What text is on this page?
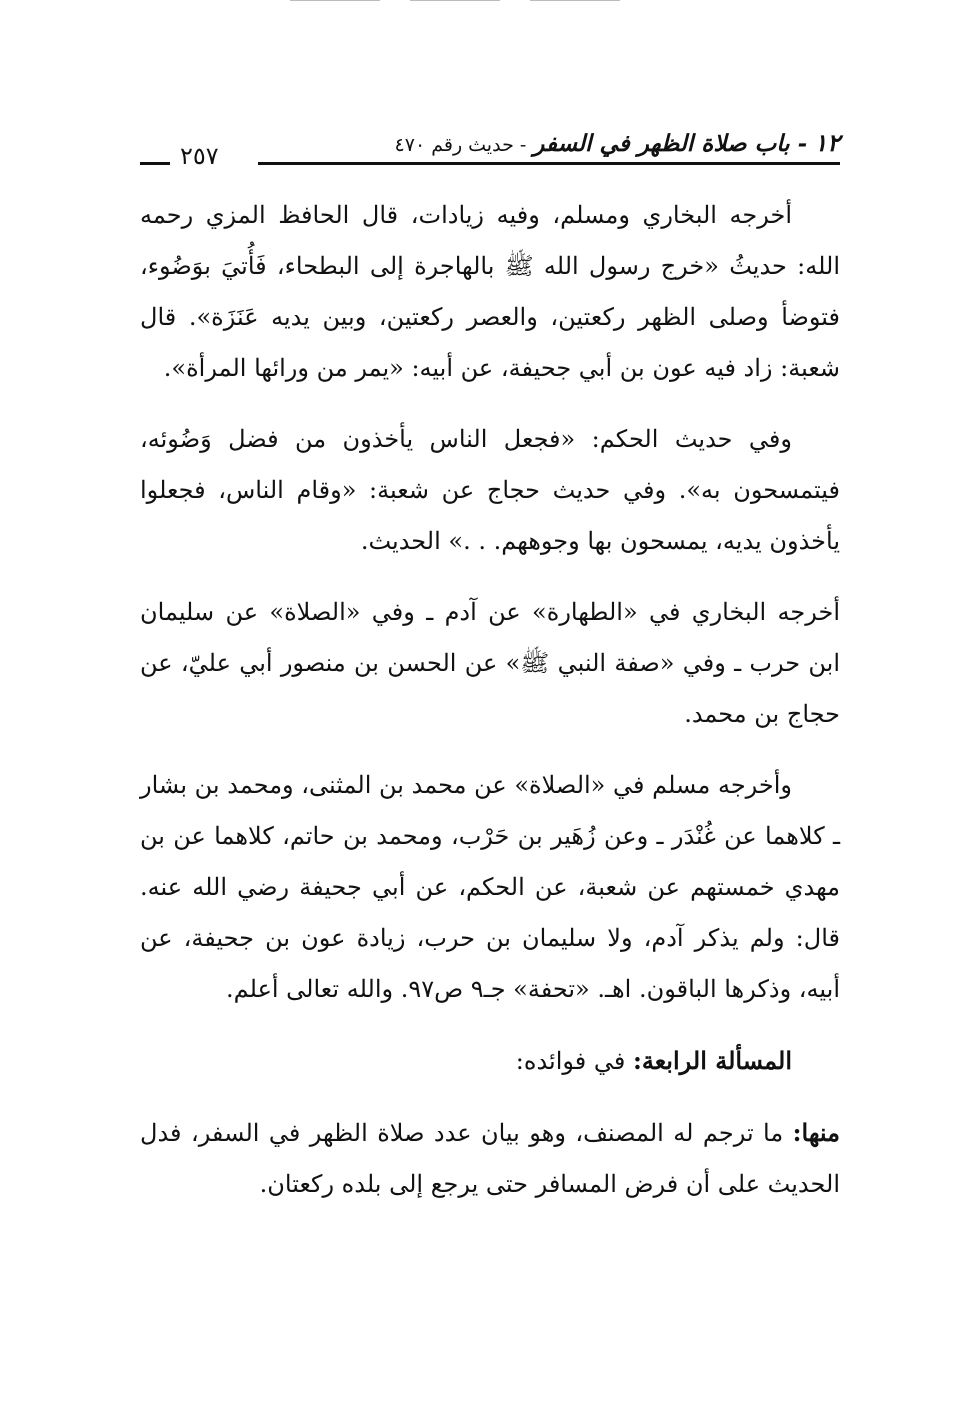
١٢ - باب صلاة الظهر في السفر - حديث رقم ٤٧٠
٢٥٧

أخرجه البخاري ومسلم، وفيه زيادات، قال الحافظ المزي رحمه الله: حديثُ «خرج رسول الله ﷺ بالهاجرة إلى البطحاء، فَأُتيَ بوَضُوء، فتوضأ وصلى الظهر ركعتين، والعصر ركعتين، وبين يديه عَنَزَة». قال شعبة: زاد فيه عون بن أبي جحيفة، عن أبيه: «يمر من ورائها المرأة».

وفي حديث الحكم: «فجعل الناس يأخذون من فضل وَضُوئه، فيتمسحون به». وفي حديث حجاج عن شعبة: «وقام الناس، فجعلوا يأخذون يديه، يمسحون بها وجوههم. . .» الحديث.

أخرجه البخاري في «الطهارة» عن آدم ـ وفي «الصلاة» عن سليمان ابن حرب ـ وفي «صفة النبي ﷺ» عن الحسن بن منصور أبي عليّ، عن حجاج بن محمد.

وأخرجه مسلم في «الصلاة» عن محمد بن المثنى، ومحمد بن بشار ـ كلاهما عن غُنْدَر ـ وعن زُهَير بن حَرْب، ومحمد بن حاتم، كلاهما عن بن مهدي خمستهم عن شعبة، عن الحكم، عن أبي جحيفة رضي الله عنه. قال: ولم يذكر آدم، ولا سليمان بن حرب، زيادة عون بن جحيفة، عن أبيه، وذكرها الباقون. اهـ. «تحفة» جـ٩ ص٩٧. والله تعالى أعلم.

المسألة الرابعة: في فوائده:

منها: ما ترجم له المصنف، وهو بيان عدد صلاة الظهر في السفر، فدل الحديث على أن فرض المسافر حتى يرجع إلى بلده ركعتان.
